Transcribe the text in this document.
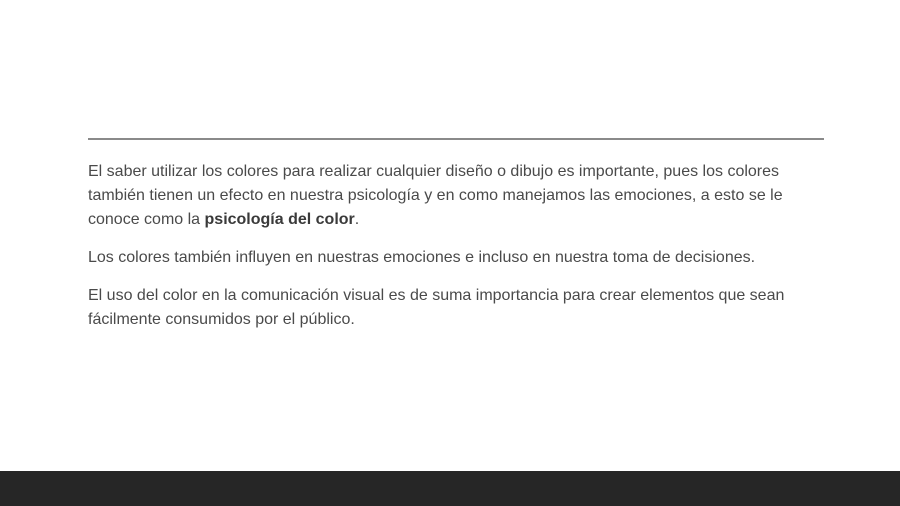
El saber utilizar los colores para realizar cualquier diseño o dibujo es importante, pues los colores también tienen un efecto en nuestra psicología y en como manejamos las emociones, a esto se le conoce como la psicología del color.

Los colores también influyen en nuestras emociones e incluso en nuestra toma de decisiones.

El uso del color en la comunicación visual es de suma importancia para crear elementos que sean fácilmente consumidos por el público.
